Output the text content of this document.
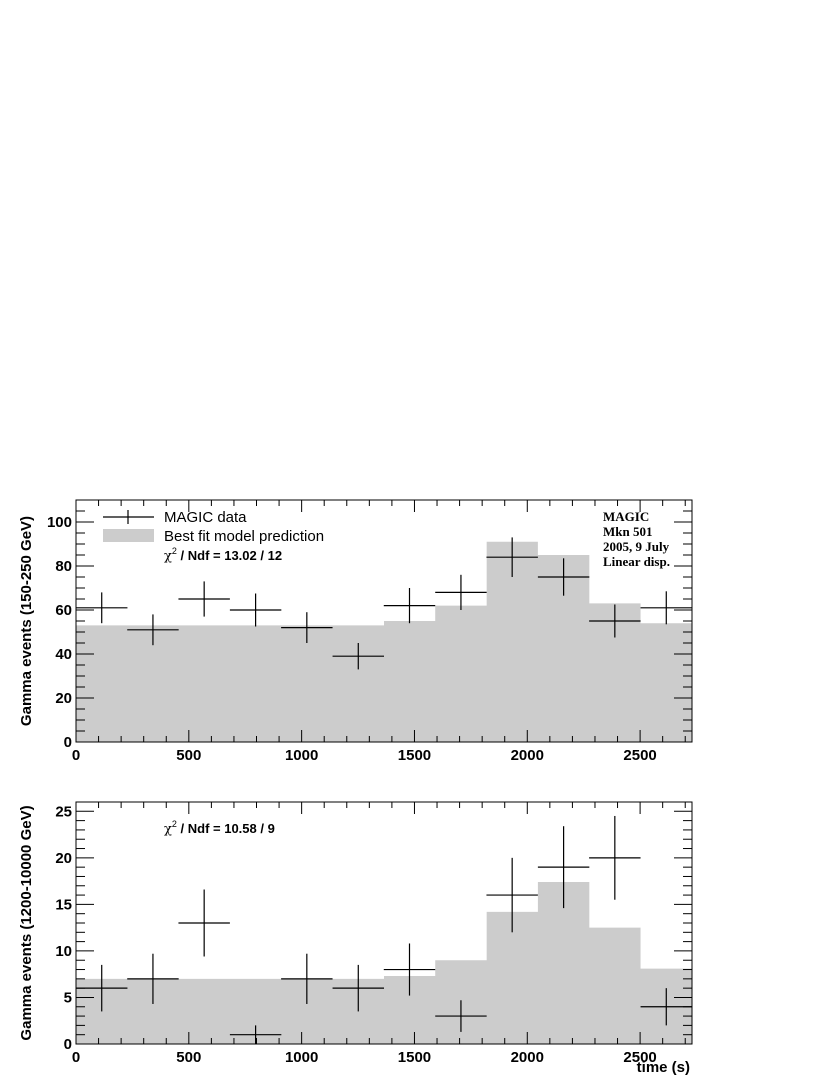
0	500	1000	1500	2000	2500
0
20
40
60
80
100
Gamma events (150-250 GeV)	MAGIC data
Best fit model prediction
$\chi^2$ / Ndf = 13.02 / 12
MAGIC
Mkn 501
2005, 9 July
Linear disp.
0	500	1000	1500	2000	2500
0
5
10
15
20
25
Gamma events (1200-10000 GeV)
time (s)
$\chi^2$ / Ndf = 10.58 / 9
